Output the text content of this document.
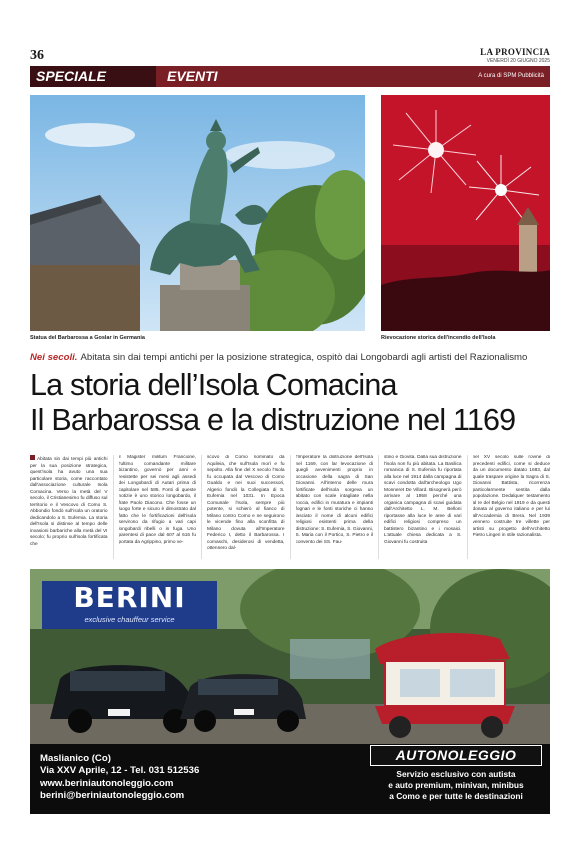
36	LA PROVINCIA
VENERDÌ 20 GIUGNO 2025
SPECIALE	EVENTI	A cura di SPM Pubblicità
Statua del Barbarossa a Goslar in Germania	Rievocazione storica dell'incendio dell'Isola
Nei secoli. Abitata sin dai tempi antichi per la posizione strategica, ospitò dai Longobardi agli artisti del Razionalismo
La storia dell’Isola Comacina
Il Barbarossa e la distruzione nel 1169
Abitata sin dai tempi più antichi per la sua posizione strategica, quest'isola ha avuto una sua particolare storia, come raccontato dall'associazione culturale Isola Comacina. Verso la metà del V secolo, il Cristianesimo fu diffuso sul territorio e il Vescovo di Como S. Abbondio fondò sull'isola un oratorio dedicandolo a S. Eufemia. La storia dell'Isola si distinse al tempo delle invasioni barbariche alla metà del VI secolo; fu proprio sull'isola fortificata che
il Magister militum Francione, l'ultimo comandante militare bizantino, governò per anni e resistette per sei mesi agli assedi dei Longobardi di Autari prima di capitolare nel 585. Fonti di queste notizie è uno storico longobardo, il frate Paolo Diacono. Che fosse un luogo forte e sicuro è dimostrato dal fatto che le fortificazioni dell'isola servirono da rifugio a vari capi longobardi ribelli o in fuga. Uno parentesi di pace dal 607 al 616 fu portata da Agrippino, primo ve-
scovo di Como nominato da Aquileia, che sull'Isola morì e fu sepolto. Alla fine del X secolo l'Isola fu occupata dal Vescovo di Como Gualdo e nei suoi successori, Algerio fondò la Collegiata di S. Eufemia nel 1031. In Epoca Comunale l'isola, sempre più potente, si schierò al fianco di Milano contro Como e ne seguirono le vicende fino alla sconfitta di Milano dovuta all'Imperatore Federico I, detto il Barbarossa. I comaschi, desiderosi di vendetta, ottennero dal-
l'Imperatore la distruzione dell'Isola nel 1169, con lar levocazione di quegli avvenimenti proprio in occasione della sagra di San Giovanni. All'interno delle mura fortificate dell'isola sorgeva un abitato con scale intagliate nella roccia, edifici in muratura e impianti fognari e le fonti storiche ci hanno lasciato il nome di alcuni edifici religiosi esistenti prima della distruzione: S. Eufemia, S. Giovanni, S. Maria con il Portico, S. Pietro e il convento dei SS. Fau-
stino e Giovita. Dalla sua distruzione l'isola non fu più abitata. La Basilica romanica di S. Eufemia fu riportata alla luce nel 1914 dalla campagna di scavi condotta dall'archeologo Ugo Monneret De Villard. Bisognerà però arrivare al 1958 perché una organica campagna di scavi guidata dall'Architetto L. M. Belloni riportasse alla luce le aree di vari edifici religiosi compreso un battistero bizantino e i mosaici. L'attuale chiesa dedicata a S. Giovanni fu costruita
nel XV secolo sulle rovine di precedenti edifici, come si deduce da un documento datato 1683, dal quale traspare origine la Sagra di S. Giovanni Battista, ricorrenza particolarmente sentita dalla popolazione. Dedalquer testamento al re del Belgio nel 1919 e da questi donata al governo italiano e per lui all'Accademia di Brera. Nel 1939 vennero costruite tre villette per artisti su progetto dell'Architetto Pietro Lingeri in stile razionalista.
BERINI
exclusive chauffeur service
Maslianico (Co)
Via XXV Aprile, 12 - Tel. 031 512536
www.beriniautonoleggio.com
berini@beriniautonoleggio.com
AUTONOLEGGIO
Servizio esclusivo con autista
e auto premium, minivan, minibus
a Como e per tutte le destinazioni
